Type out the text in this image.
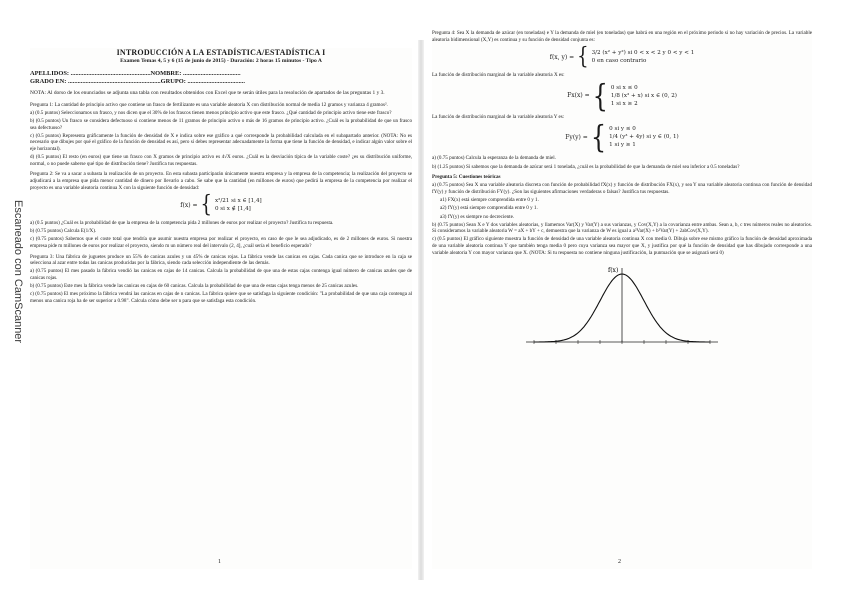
INTRODUCCIÓN A LA ESTADÍSTICA/ESTADÍSTICA I

Examen Temas 4, 5 y 6 (15 de junio de 2015) - Duración: 2 horas 15 minutos - Tipo A

APELLIDOS: ..................................................NOMBRE: ....................................

GRADO EN: ..........................................................GRUPO: ....................................

NOTA: Al dorso de los enunciados se adjunta una tabla con resultados obtenidos con Excel que te serán útiles para la resolución de apartados de las preguntas 1 y 3.

Pregunta 1: La cantidad de principio activo que contiene un frasco de fertilizante es una variable aleatoria X con distribución normal de media 12 gramos y varianza 4 gramos².

a) (0.5 puntos) Seleccionamos un frasco, y nos dicen que el 30% de los frascos tienen menos principio activo que este frasco. ¿Qué cantidad de principio activo tiene este frasco?

b) (0.5 puntos) Un frasco se considera defectuoso si contiene menos de 11 gramos de principio activo o más de 16 gramos de principio activo. ¿Cuál es la probabilidad de que un frasco sea defectuoso?

c) (0.5 puntos) Representa gráficamente la función de densidad de X e indica sobre ese gráfico a qué corresponde la probabilidad calculada en el subapartado anterior. (NOTA: No es necesario que dibujes por qué el gráfico de la función de densidad es así, pero sí debes representar adecuadamente la forma que tiene la función de densidad, e indicar algún valor sobre el eje horizontal).

d) (0.5 puntos) El resto (en euros) que tiene un frasco con X gramos de principio activo es 4√X euros. ¿Cuál es la desviación típica de la variable coste? ¿es su distribución uniforme, normal, o no puede saberse qué tipo de distribución tiene? Justifica tus respuestas.

Pregunta 2: Se va a sacar a subasta la realización de un proyecto. En esta subasta participarán únicamente nuestra empresa y la empresa de la competencia; la realización del proyecto se adjudicará a la empresa que pida menor cantidad de dinero por llevarlo a cabo. Se sabe que la cantidad (en millones de euros) que pedirá la empresa de la competencia por realizar el proyecto es una variable aleatoria continua X con la siguiente función de densidad:

f(x) = { x²/21 si x ∈ [1,4]
0 si x ∉ [1,4]

a) (0.5 puntos) ¿Cuál es la probabilidad de que la empresa de la competencia pida 2 millones de euros por realizar el proyecto? Justifica tu respuesta.

b) (0.75 puntos) Calcula E(1/X).

c) (0.75 puntos) Sabemos que el coste total que tendría que asumir nuestra empresa por realizar el proyecto, en caso de que le sea adjudicado, es de 2 millones de euros. Si nuestra empresa pide m millones de euros por realizar el proyecto, siendo m un número real del intervalo (2, 4], ¿cuál sería el beneficio esperado?

Pregunta 3: Una fábrica de juguetes produce un 55% de canicas azules y un 45% de canicas rojas. La fábrica vende las canicas en cajas. Cada canica que se introduce en la caja se selecciona al azar entre todas las canicas producidas por la fábrica, siendo cada selección independiente de las demás.

a) (0.75 puntos) El mes pasado la fábrica vendió las canicas en cajas de 14 canicas. Calcula la probabilidad de que una de estas cajas contenga igual número de canicas azules que de canicas rojas.

b) (0.75 puntos) Este mes la fábrica vende las canicas en cajas de 60 canicas. Calcula la probabilidad de que una de estas cajas tenga menos de 25 canicas azules.

c) (0.75 puntos) El mes próximo la fábrica vendrá las canicas en cajas de n canicas. La fábrica quiere que se satisfaga la siguiente condición: "La probabilidad de que una caja contenga al menos una canica roja ha de ser superior a 0.98". Calcula cómo debe ser n para que se satisfaga esta condición.

1

Pregunta 4: Sea X la demanda de azúcar (en toneladas) e Y la demanda de miel (en toneladas) que habrá en una región en el próximo periodo si no hay variación de precios. La variable aleatoria bidimensional (X,Y) es continua y su función de densidad conjunta es:

f(x, y) = { 3/2 (x² + y²) si 0 < x < 2 y 0 < y < 1
0 en caso contrario

La función de distribución marginal de la variable aleatoria X es:

Fx(x) = { 0 si x ≤ 0
1/8 (x³ + x) si x ∈ (0, 2)
1 si x ≥ 2

La función de distribución marginal de la variable aleatoria Y es:

Fy(y) = { 0 si y ≤ 0
1/4 (y³ + 4y) si y ∈ (0, 1)
1 si y ≥ 1

a) (0.75 puntos) Calcula la esperanza de la demanda de miel.

b) (1.25 puntos) Si sabemos que la demanda de azúcar será 1 tonelada, ¿cuál es la probabilidad de que la demanda de miel sea inferior a 0.5 toneladas?

Pregunta 5: Cuestiones teóricas

a) (0.75 puntos) Sea X una variable aleatoria discreta con función de probabilidad fX(x) y función de distribución FX(x), y sea Y una variable aleatoria continua con función de densidad fY(y) y función de distribución FY(y). ¿Son las siguientes afirmaciones verdaderas o falsas? Justifica tus respuestas.

a1) FX(x) está siempre comprendida entre 0 y 1.

a2) fY(y) está siempre comprendida entre 0 y 1.

a3) fY(y) es siempre no decreciente.

b) (0.75 puntos) Sean X e Y dos variables aleatorias, y llamemos Var(X) y Var(Y) a sus varianzas, y Cov(X,Y) a la covarianza entre ambas. Sean a, b, c tres números reales no aleatorios. Si consideramos la variable aleatoria W = aX + bY + c, demuestra que la varianza de W es igual a a²Var(X) + b²Var(Y) + 2abCov(X,Y).

c) (0.5 puntos) El gráfico siguiente muestra la función de densidad de una variable aleatoria continua X con media 0. Dibuja sobre ese mismo gráfico la función de densidad aproximada de una variable aleatoria continua Y que también tenga media 0 pero cuya varianza sea mayor que X, y justifica por qué la función de densidad que has dibujado corresponde a una variable aleatoria Y con mayor varianza que X. (NOTA: Si tu respuesta no contiene ninguna justificación, la puntuación que se asignará será 0)

f(x)
2
Escaneado con CamScanner
